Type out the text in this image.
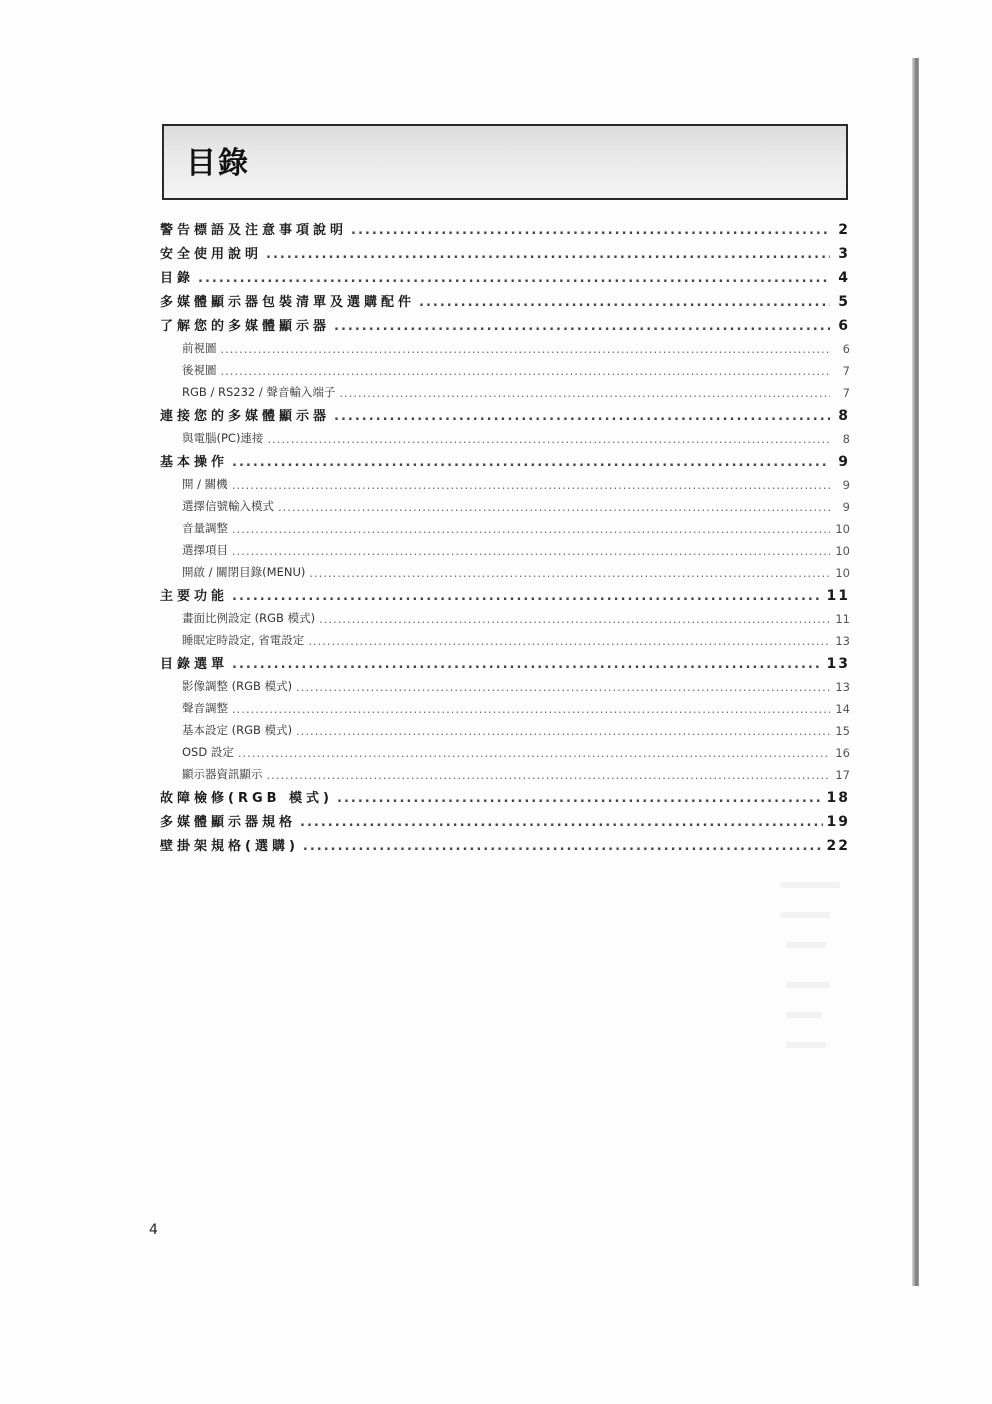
目錄
警告標語及注意事項說明 .....	2
安全使用說明 .....	3
目錄 .....	4
多媒體顯示器包裝清單及選購配件 .....	5
了解您的多媒體顯示器 .....	6
前視圖 .....	6
後視圖 .....	7
RGB / RS232 / 聲音輸入端子 .....	7
連接您的多媒體顯示器 .....	8
與電腦(PC)連接 .....	8
基本操作 .....	9
開 / 關機 .....	9
選擇信號輸入模式 .....	9
音量調整 .....	10
選擇項目 .....	10
開啟 / 關閉目錄(MENU) .....	10
主要功能 .....	11
畫面比例設定 (RGB 模式) .....	11
睡眠定時設定, 省電設定 .....	13
目錄選單 .....	13
影像調整 (RGB 模式) .....	13
聲音調整 .....	14
基本設定 (RGB 模式) .....	15
OSD 設定 .....	16
顯示器資訊顯示 .....	17
故障檢修(RGB 模式) .....	18
多媒體顯示器規格 .....	19
壁掛架規格(選購) .....	22
4
